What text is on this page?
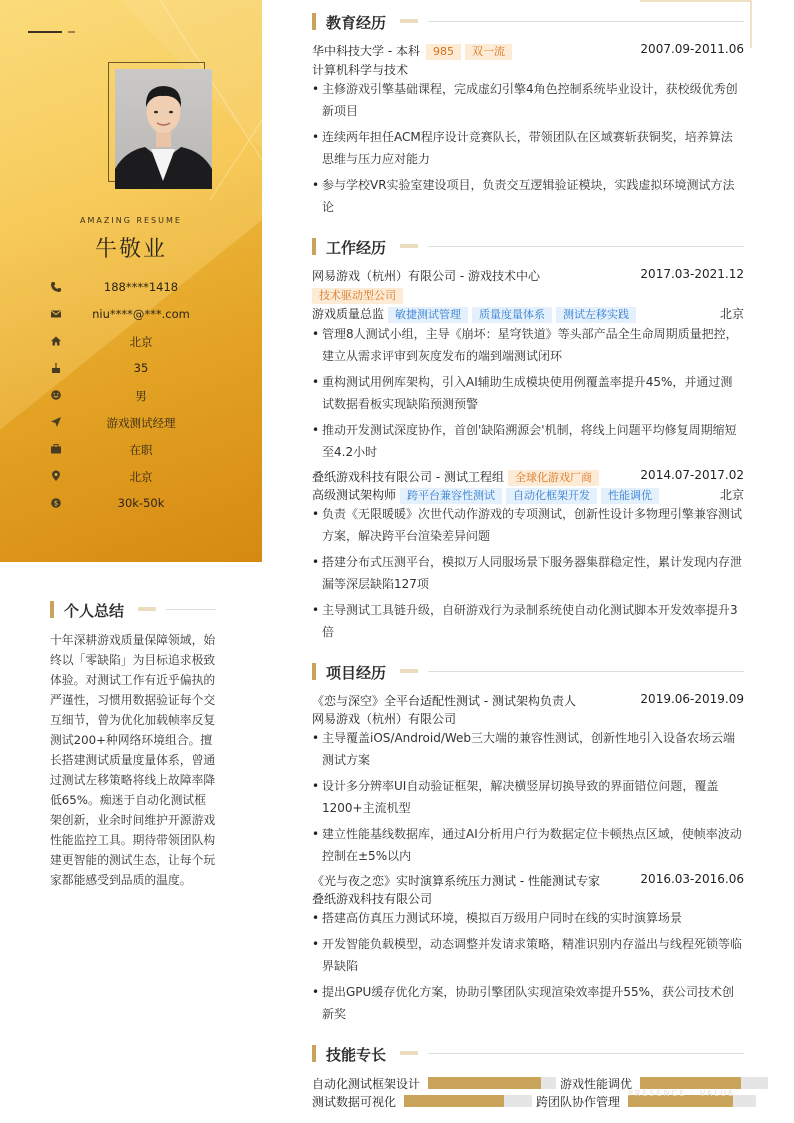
AMAZING RESUME
牛敬业
188****1418
niu****@***.com
北京
35
男
游戏测试经理
在职
北京
$	30k-50k
个人总结
十年深耕游戏质量保障领域，始终以「零缺陷」为目标追求极致体验。对测试工作有近乎偏执的严谨性，习惯用数据验证每个交互细节，曾为优化加载帧率反复测试200+种网络环境组合。擅长搭建测试质量度量体系，曾通过测试左移策略将线上故障率降低65%。痴迷于自动化测试框架创新，业余时间维护开源游戏性能监控工具。期待带领团队构建更智能的测试生态，让每个玩家都能感受到品质的温度。
教育经历
华中科技大学 - 本科 985 双一流	2007.09-2011.06
计算机科学与技术
• 主修游戏引擎基础课程，完成虚幻引擎4角色控制系统毕业设计，获校级优秀创新项目
• 连续两年担任ACM程序设计竞赛队长，带领团队在区域赛斩获铜奖，培养算法思维与压力应对能力
• 参与学校VR实验室建设项目，负责交互逻辑验证模块，实践虚拟环境测试方法论
工作经历
网易游戏（杭州）有限公司 - 游戏技术中心	2017.03-2021.12
技术驱动型公司
游戏质量总监 敏捷测试管理 质量度量体系 测试左移实践	北京
• 管理8人测试小组，主导《崩坏：星穹铁道》等头部产品全生命周期质量把控，建立从需求评审到灰度发布的端到端测试闭环
• 重构测试用例库架构，引入AI辅助生成模块使用例覆盖率提升45%，并通过测试数据看板实现缺陷预测预警
• 推动开发测试深度协作，首创'缺陷溯源会'机制，将线上问题平均修复周期缩短至4.2小时
叠纸游戏科技有限公司 - 测试工程组 全球化游戏厂商	2014.07-2017.02
高级测试架构师 跨平台兼容性测试 自动化框架开发 性能调优	北京
• 负责《无限暖暖》次世代动作游戏的专项测试，创新性设计多物理引擎兼容测试方案，解决跨平台渲染差异问题
• 搭建分布式压测平台，模拟万人同服场景下服务器集群稳定性，累计发现内存泄漏等深层缺陷127项
• 主导测试工具链升级，自研游戏行为录制系统使自动化测试脚本开发效率提升3倍
项目经历
《恋与深空》全平台适配性测试 - 测试架构负责人	2019.06-2019.09
网易游戏（杭州）有限公司
• 主导覆盖iOS/Android/Web三大端的兼容性测试，创新性地引入设备农场云端测试方案
• 设计多分辨率UI自动验证框架，解决横竖屏切换导致的界面错位问题，覆盖1200+主流机型
• 建立性能基线数据库，通过AI分析用户行为数据定位卡顿热点区域，使帧率波动控制在±5%以内
《光与夜之恋》实时演算系统压力测试 - 性能测试专家	2016.03-2016.06
叠纸游戏科技有限公司
• 搭建高仿真压力测试环境，模拟百万级用户同时在线的实时演算场景
• 开发智能负载模型，动态调整并发请求策略，精准识别内存溢出与线程死锁等临界缺陷
• 提出GPU缓存优化方案，协助引擎团队实现渲染效率提升55%，获公司技术创新奖
技能专长
自动化测试框架设计	游戏性能调优
测试数据可视化	跨团队协作管理
PRESENCE · VALUE
